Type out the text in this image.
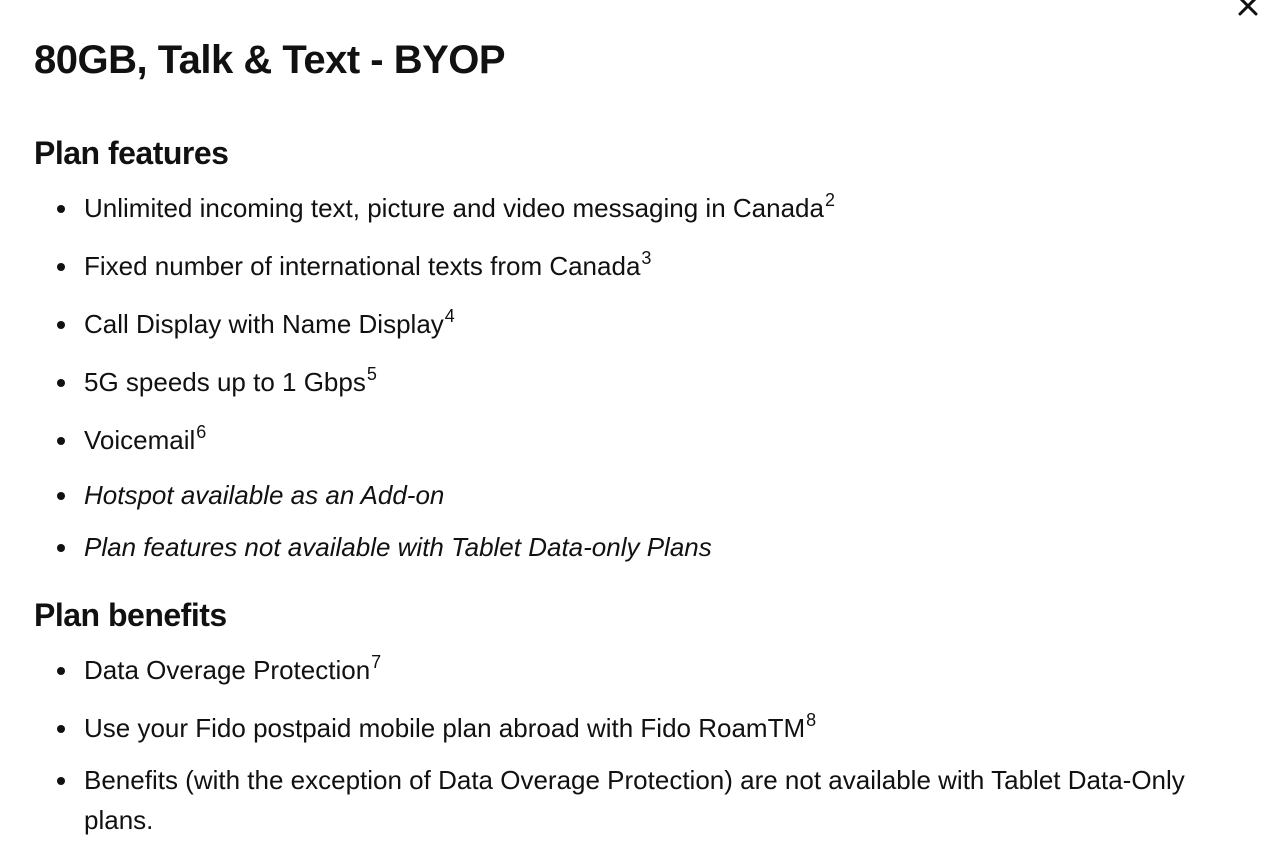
80GB, Talk & Text - BYOP
Plan features
Unlimited incoming text, picture and video messaging in Canada$^2$
Fixed number of international texts from Canada$^3$
Call Display with Name Display$^4$
5G speeds up to 1 Gbps$^5$
Voicemail$^6$
Hotspot available as an Add-on
Plan features not available with Tablet Data-only Plans
Plan benefits
Data Overage Protection$^7$
Use your Fido postpaid mobile plan abroad with Fido RoamTM$^8$
Benefits (with the exception of Data Overage Protection) are not available with Tablet Data-Only plans.
